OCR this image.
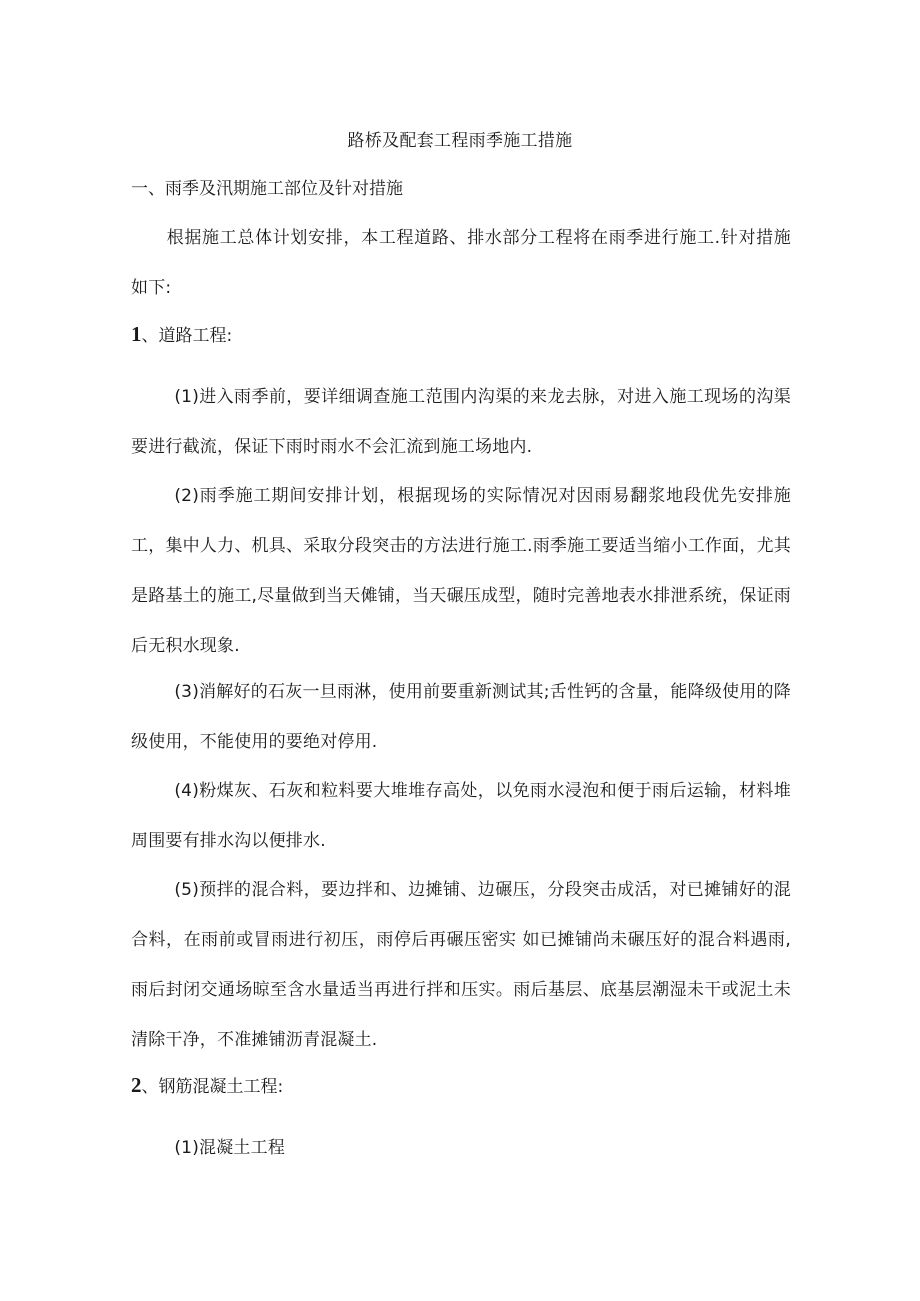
路桥及配套工程雨季施工措施
一、雨季及汛期施工部位及针对措施
根据施工总体计划安排，本工程道路、排水部分工程将在雨季进行施工.针对措施如下:
1、道路工程:
(1)进入雨季前，要详细调查施工范围内沟渠的来龙去脉，对进入施工现场的沟渠要进行截流，保证下雨时雨水不会汇流到施工场地内.
(2)雨季施工期间安排计划，根据现场的实际情况对因雨易翻浆地段优先安排施工，集中人力、机具、采取分段突击的方法进行施工.雨季施工要适当缩小工作面，尤其是路基土的施工,尽量做到当天傩铺，当天碾压成型，随时完善地表水排泄系统，保证雨后无积水现象.
(3)消解好的石灰一旦雨淋，使用前要重新测试其;舌性钙的含量，能降级使用的降级使用，不能使用的要绝对停用.
(4)粉煤灰、石灰和粒料要大堆堆存高处，以免雨水浸泡和便于雨后运输，材料堆周围要有排水沟以便排水.
(5)预拌的混合料，要边拌和、边摊铺、边碾压，分段突击成活，对已摊铺好的混合料，在雨前或冒雨进行初压，雨停后再碾压密实 如已摊铺尚未碾压好的混合料遇雨,雨后封闭交通场晾至含水量适当再进行拌和压实。雨后基层、底基层潮湿未干或泥土未清除干净，不准摊铺沥青混凝土.
2、钢筋混凝土工程:
(1)混凝土工程
